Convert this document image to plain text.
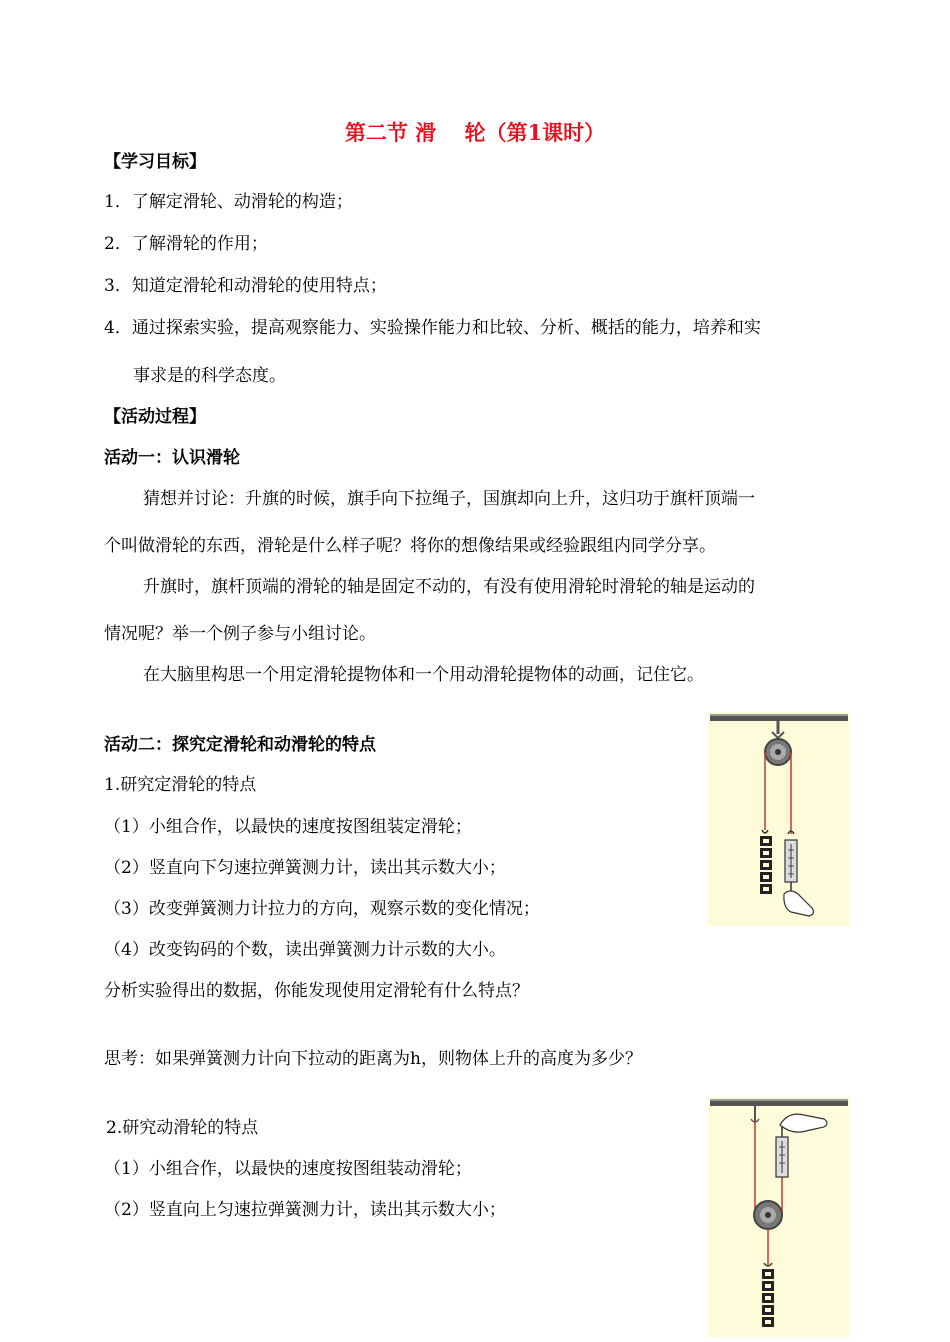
第二节 滑　 轮（第1课时）
【学习目标】
1．了解定滑轮、动滑轮的构造；
2．了解滑轮的作用；
3．知道定滑轮和动滑轮的使用特点；
4．通过探索实验，提高观察能力、实验操作能力和比较、分析、概括的能力，培养和实
事求是的科学态度。
【活动过程】
活动一：认识滑轮
猜想并讨论：升旗的时候，旗手向下拉绳子，国旗却向上升，这归功于旗杆顶端一
个叫做滑轮的东西，滑轮是什么样子呢？将你的想像结果或经验跟组内同学分享。
升旗时，旗杆顶端的滑轮的轴是固定不动的，有没有使用滑轮时滑轮的轴是运动的
情况呢？举一个例子参与小组讨论。
在大脑里构思一个用定滑轮提物体和一个用动滑轮提物体的动画，记住它。
活动二：探究定滑轮和动滑轮的特点
1.研究定滑轮的特点
（1）小组合作，以最快的速度按图组装定滑轮；
（2）竖直向下匀速拉弹簧测力计，读出其示数大小；
（3）改变弹簧测力计拉力的方向，观察示数的变化情况；
（4）改变钩码的个数，读出弹簧测力计示数的大小。
分析实验得出的数据，你能发现使用定滑轮有什么特点？
思考：如果弹簧测力计向下拉动的距离为h，则物体上升的高度为多少？
2.研究动滑轮的特点
（1）小组合作，以最快的速度按图组装动滑轮；
（2）竖直向上匀速拉弹簧测力计，读出其示数大小；
